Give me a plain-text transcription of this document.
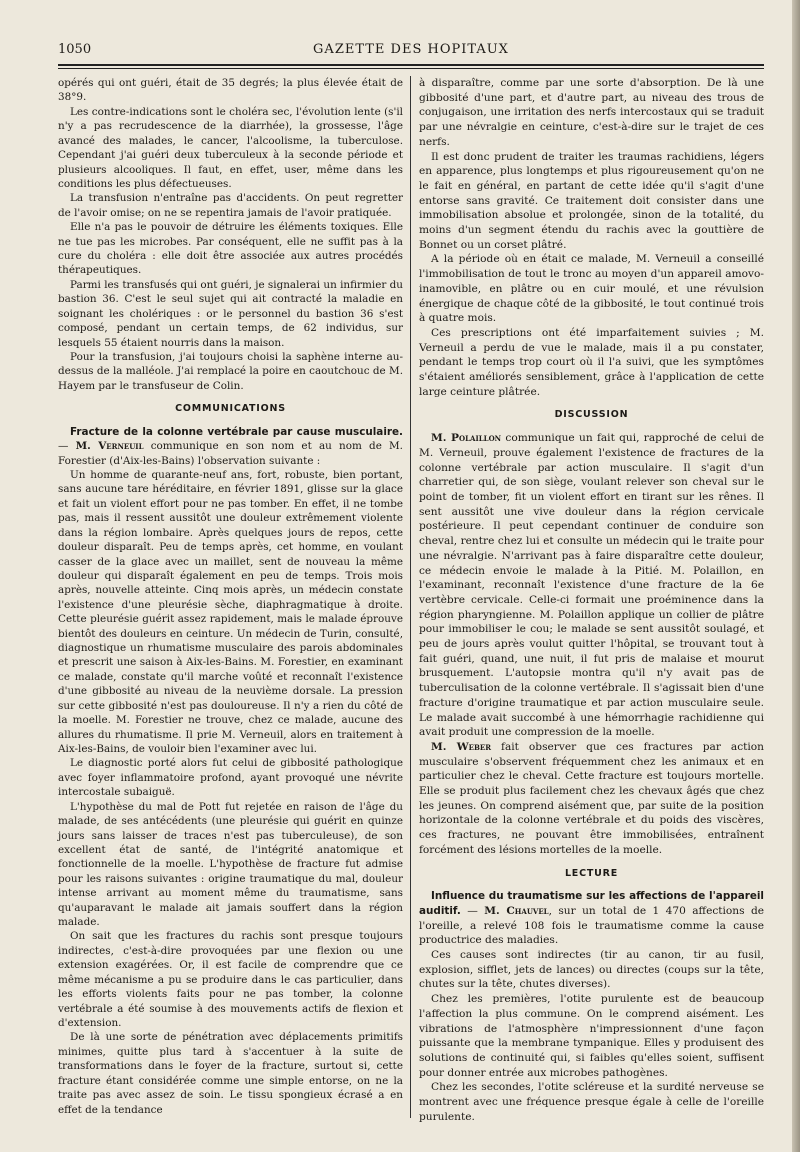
1050	GAZETTE DES HOPITAUX

opérés qui ont guéri, était de 35 degrés; la plus élevée était de 38°9.

Les contre-indications sont le choléra sec, l'évolution lente (s'il n'y a pas recrudescence de la diarrhée), la grossesse, l'âge avancé des malades, le cancer, l'alcoolisme, la tuberculose. Cependant j'ai guéri deux tuberculeux à la seconde période et plusieurs alcooliques. Il faut, en effet, user, même dans les conditions les plus défectueuses.

La transfusion n'entraîne pas d'accidents. On peut regretter de l'avoir omise; on ne se repentira jamais de l'avoir pratiquée.

Elle n'a pas le pouvoir de détruire les éléments toxiques. Elle ne tue pas les microbes. Par conséquent, elle ne suffit pas à la cure du choléra : elle doit être associée aux autres procédés thérapeutiques.

Parmi les transfusés qui ont guéri, je signalerai un infirmier du bastion 36. C'est le seul sujet qui ait contracté la maladie en soignant les cholériques : or le personnel du bastion 36 s'est composé, pendant un certain temps, de 62 individus, sur lesquels 55 étaient nourris dans la maison.

Pour la transfusion, j'ai toujours choisi la saphène interne au-dessus de la malléole. J'ai remplacé la poire en caoutchouc de M. Hayem par le transfuseur de Colin.

COMMUNICATIONS

Fracture de la colonne vertébrale par cause musculaire. — M. Verneuil communique en son nom et au nom de M. Forestier (d'Aix-les-Bains) l'observation suivante :

Un homme de quarante-neuf ans, fort, robuste, bien portant, sans aucune tare héréditaire, en février 1891, glisse sur la glace et fait un violent effort pour ne pas tomber. En effet, il ne tombe pas, mais il ressent aussitôt une douleur extrêmement violente dans la région lombaire. Après quelques jours de repos, cette douleur disparaît. Peu de temps après, cet homme, en voulant casser de la glace avec un maillet, sent de nouveau la même douleur qui disparaît également en peu de temps. Trois mois après, nouvelle atteinte. Cinq mois après, un médecin constate l'existence d'une pleurésie sèche, diaphragmatique à droite. Cette pleurésie guérit assez rapidement, mais le malade éprouve bientôt des douleurs en ceinture. Un médecin de Turin, consulté, diagnostique un rhumatisme musculaire des parois abdominales et prescrit une saison à Aix-les-Bains. M. Forestier, en examinant ce malade, constate qu'il marche voûté et reconnaît l'existence d'une gibbosité au niveau de la neuvième dorsale. La pression sur cette gibbosité n'est pas douloureuse. Il n'y a rien du côté de la moelle. M. Forestier ne trouve, chez ce malade, aucune des allures du rhumatisme. Il prie M. Verneuil, alors en traitement à Aix-les-Bains, de vouloir bien l'examiner avec lui.

Le diagnostic porté alors fut celui de gibbosité pathologique avec foyer inflammatoire profond, ayant provoqué une névrite intercostale subaiguë.

L'hypothèse du mal de Pott fut rejetée en raison de l'âge du malade, de ses antécédents (une pleurésie qui guérit en quinze jours sans laisser de traces n'est pas tuberculeuse), de son excellent état de santé, de l'intégrité anatomique et fonctionnelle de la moelle. L'hypothèse de fracture fut admise pour les raisons suivantes : origine traumatique du mal, douleur intense arrivant au moment même du traumatisme, sans qu'auparavant le malade ait jamais souffert dans la région malade.

On sait que les fractures du rachis sont presque toujours indirectes, c'est-à-dire provoquées par une flexion ou une extension exagérées. Or, il est facile de comprendre que ce même mécanisme a pu se produire dans le cas particulier, dans les efforts violents faits pour ne pas tomber, la colonne vertébrale a été soumise à des mouvements actifs de flexion et d'extension.

De là une sorte de pénétration avec déplacements primitifs minimes, quitte plus tard à s'accentuer à la suite de transformations dans le foyer de la fracture, surtout si, cette fracture étant considérée comme une simple entorse, on ne la traite pas avec assez de soin. Le tissu spongieux écrasé a en effet de la tendance

à disparaître, comme par une sorte d'absorption. De là une gibbosité d'une part, et d'autre part, au niveau des trous de conjugaison, une irritation des nerfs intercostaux qui se traduit par une névralgie en ceinture, c'est-à-dire sur le trajet de ces nerfs.

Il est donc prudent de traiter les traumas rachidiens, légers en apparence, plus longtemps et plus rigoureusement qu'on ne le fait en général, en partant de cette idée qu'il s'agit d'une entorse sans gravité. Ce traitement doit consister dans une immobilisation absolue et prolongée, sinon de la totalité, du moins d'un segment étendu du rachis avec la gouttière de Bonnet ou un corset plâtré.

A la période où en était ce malade, M. Verneuil a conseillé l'immobilisation de tout le tronc au moyen d'un appareil amovo-inamovible, en plâtre ou en cuir moulé, et une révulsion énergique de chaque côté de la gibbosité, le tout continué trois à quatre mois.

Ces prescriptions ont été imparfaitement suivies ; M. Verneuil a perdu de vue le malade, mais il a pu constater, pendant le temps trop court où il l'a suivi, que les symptômes s'étaient améliorés sensiblement, grâce à l'application de cette large ceinture plâtrée.

DISCUSSION

M. Polaillon communique un fait qui, rapproché de celui de M. Verneuil, prouve également l'existence de fractures de la colonne vertébrale par action musculaire. Il s'agit d'un charretier qui, de son siège, voulant relever son cheval sur le point de tomber, fit un violent effort en tirant sur les rênes. Il sent aussitôt une vive douleur dans la région cervicale postérieure. Il peut cependant continuer de conduire son cheval, rentre chez lui et consulte un médecin qui le traite pour une névralgie. N'arrivant pas à faire disparaître cette douleur, ce médecin envoie le malade à la Pitié. M. Polaillon, en l'examinant, reconnaît l'existence d'une fracture de la 6e vertèbre cervicale. Celle-ci formait une proéminence dans la région pharyngienne. M. Polaillon applique un collier de plâtre pour immobiliser le cou; le malade se sent aussitôt soulagé, et peu de jours après voulut quitter l'hôpital, se trouvant tout à fait guéri, quand, une nuit, il fut pris de malaise et mourut brusquement. L'autopsie montra qu'il n'y avait pas de tuberculisation de la colonne vertébrale. Il s'agissait bien d'une fracture d'origine traumatique et par action musculaire seule. Le malade avait succombé à une hémorrhagie rachidienne qui avait produit une compression de la moelle.

M. Weber fait observer que ces fractures par action musculaire s'observent fréquemment chez les animaux et en particulier chez le cheval. Cette fracture est toujours mortelle. Elle se produit plus facilement chez les chevaux âgés que chez les jeunes. On comprend aisément que, par suite de la position horizontale de la colonne vertébrale et du poids des viscères, ces fractures, ne pouvant être immobilisées, entraînent forcément des lésions mortelles de la moelle.

LECTURE

Influence du traumatisme sur les affections de l'appareil auditif. — M. Chauvel, sur un total de 1 470 affections de l'oreille, a relevé 108 fois le traumatisme comme la cause productrice des maladies.

Ces causes sont indirectes (tir au canon, tir au fusil, explosion, sifflet, jets de lances) ou directes (coups sur la tête, chutes sur la tête, chutes diverses).

Chez les premières, l'otite purulente est de beaucoup l'affection la plus commune. On le comprend aisément. Les vibrations de l'atmosphère n'impressionnent d'une façon puissante que la membrane tympanique. Elles y produisent des solutions de continuité qui, si faibles qu'elles soient, suffisent pour donner entrée aux microbes pathogènes.

Chez les secondes, l'otite scléreuse et la surdité nerveuse se montrent avec une fréquence presque égale à celle de l'oreille purulente.
